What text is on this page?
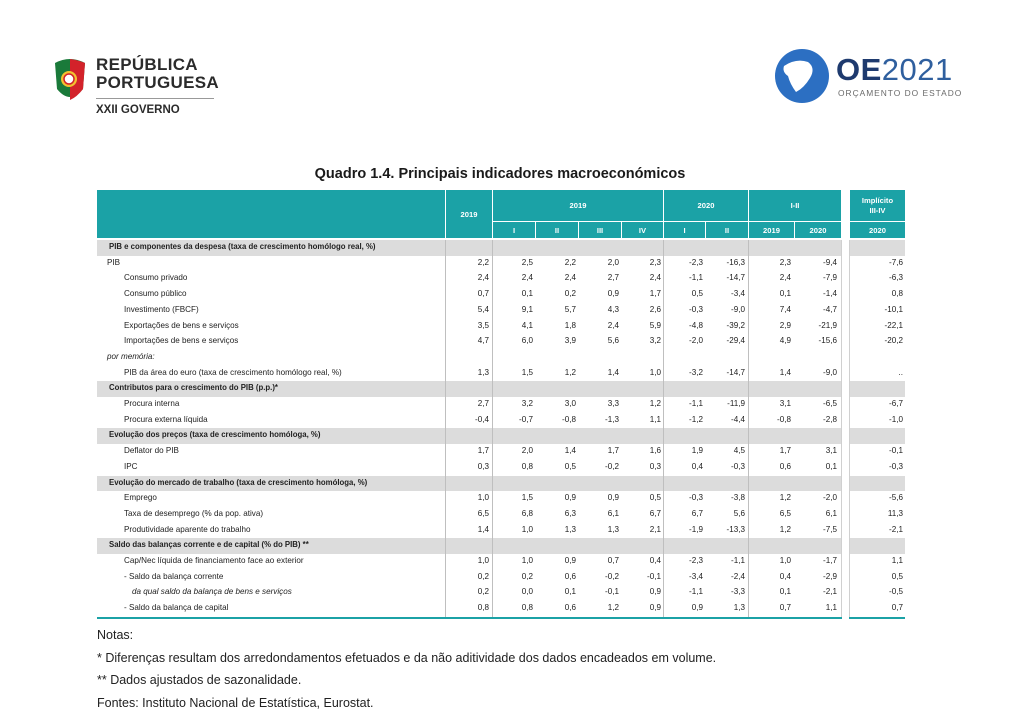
REPÚBLICA
PORTUGUESA
XXII GOVERNO
OE2021
ORÇAMENTO DO ESTADO
Quadro 1.4. Principais indicadores macroeconómicos
2019
2019	2020	I-II
Implícito
III-IV
I	II	III	IV	I	II	2019	2020	2020
PIB e componentes da despesa (taxa de crescimento homólogo real, %)
PIB	2,2	2,5	2,2	2,0	2,3	-2,3	-16,3	2,3	-9,4	-7,6
Consumo privado	2,4	2,4	2,4	2,7	2,4	-1,1	-14,7	2,4	-7,9	-6,3
Consumo público	0,7	0,1	0,2	0,9	1,7	0,5	-3,4	0,1	-1,4	0,8
Investimento (FBCF)	5,4	9,1	5,7	4,3	2,6	-0,3	-9,0	7,4	-4,7	-10,1
Exportações de bens e serviços	3,5	4,1	1,8	2,4	5,9	-4,8	-39,2	2,9	-21,9	-22,1
Importações de bens e serviços	4,7	6,0	3,9	5,6	3,2	-2,0	-29,4	4,9	-15,6	-20,2
por memória:
PIB da área do euro (taxa de crescimento homólogo real, %)	1,3	1,5	1,2	1,4	1,0	-3,2	-14,7	1,4	-9,0	..
Contributos para o crescimento do PIB (p.p.)*
Procura interna	2,7	3,2	3,0	3,3	1,2	-1,1	-11,9	3,1	-6,5	-6,7
Procura externa líquida	-0,4	-0,7	-0,8	-1,3	1,1	-1,2	-4,4	-0,8	-2,8	-1,0
Evolução dos preços (taxa de crescimento homóloga, %)
Deflator do PIB	1,7	2,0	1,4	1,7	1,6	1,9	4,5	1,7	3,1	-0,1
IPC	0,3	0,8	0,5	-0,2	0,3	0,4	-0,3	0,6	0,1	-0,3
Evolução do mercado de trabalho (taxa de crescimento homóloga, %)
Emprego	1,0	1,5	0,9	0,9	0,5	-0,3	-3,8	1,2	-2,0	-5,6
Taxa de desemprego (% da pop. ativa)	6,5	6,8	6,3	6,1	6,7	6,7	5,6	6,5	6,1	11,3
Produtividade aparente do trabalho	1,4	1,0	1,3	1,3	2,1	-1,9	-13,3	1,2	-7,5	-2,1
Saldo das balanças corrente e de capital (% do PIB) **
Cap/Nec líquida de financiamento face ao exterior	1,0	1,0	0,9	0,7	0,4	-2,3	-1,1	1,0	-1,7	1,1
- Saldo da balança corrente	0,2	0,2	0,6	-0,2	-0,1	-3,4	-2,4	0,4	-2,9	0,5
da qual saldo da balança de bens e serviços	0,2	0,0	0,1	-0,1	0,9	-1,1	-3,3	0,1	-2,1	-0,5
- Saldo da balança de capital	0,8	0,8	0,6	1,2	0,9	0,9	1,3	0,7	1,1	0,7
Notas:
* Diferenças resultam dos arredondamentos efetuados e da não aditividade dos dados encadeados em volume.
** Dados ajustados de sazonalidade.
Fontes: Instituto Nacional de Estatística, Eurostat.
